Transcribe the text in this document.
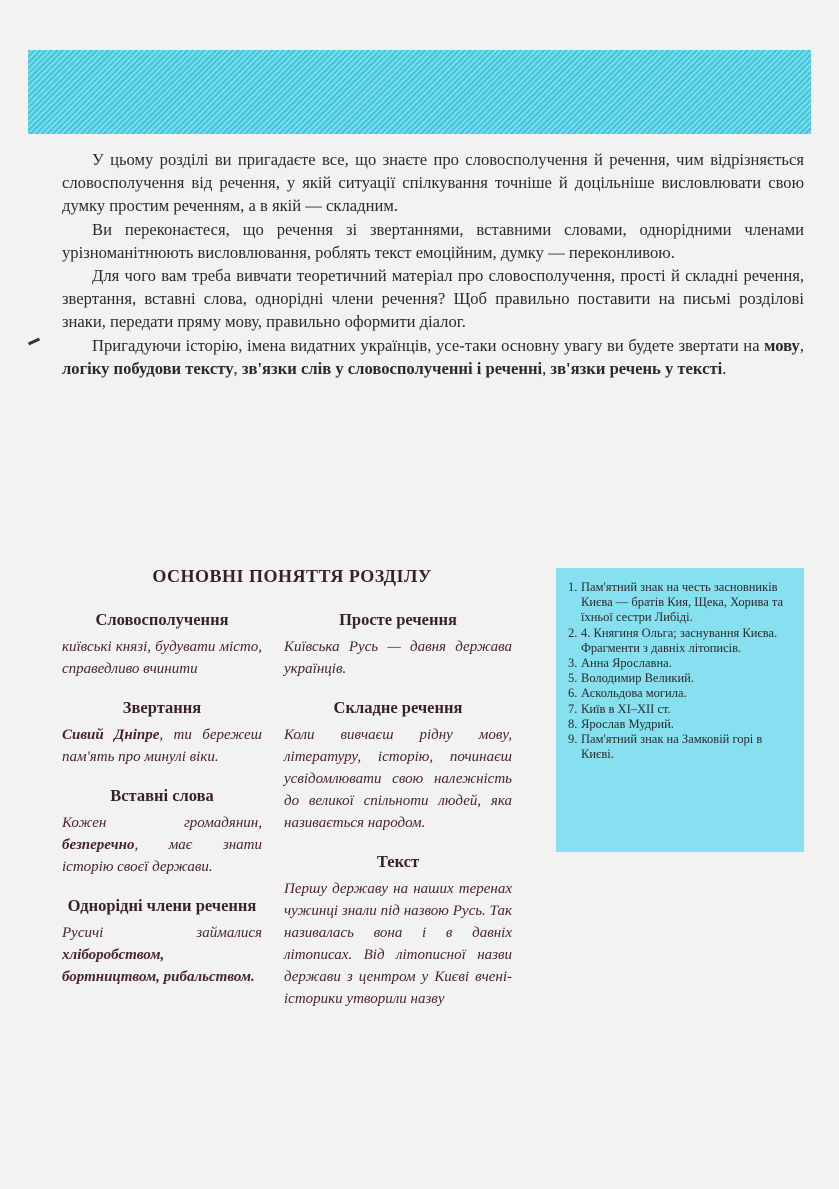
У цьому розділі ви пригадаєте все, що знаєте про словосполучення й речення, чим відрізняється словосполучення від речення, у якій ситуації спілкування точніше й доцільніше висловлювати свою думку простим реченням, а в якій — складним.

Ви переконаєтеся, що речення зі звертаннями, вставними словами, однорідними членами урізноманітнюють висловлювання, роблять текст емоційним, думку — переконливою.

Для чого вам треба вивчати теоретичний матеріал про словосполучення, прості й складні речення, звертання, вставні слова, однорідні члени речення? Щоб правильно поставити на письмі розділові знаки, передати пряму мову, правильно оформити діалог.

Пригадуючи історію, імена видатних українців, усе-таки основну увагу ви будете звертати на мову, логіку побудови тексту, зв'язки слів у словосполученні і реченні, зв'язки речень у тексті.

ОСНОВНІ ПОНЯТТЯ РОЗДІЛУ
Словосполучення
київські князі, будувати місто, справедливо вчинити
Звертання
Сивий Дніпре, ти бережеш пам'ять про минулі віки.
Вставні слова
Кожен громадянин, безперечно, має знати історію своєї держави.
Однорідні члени речення
Русичі займалися хліборобством, бортництвом, рибальством.
Просте речення
Київська Русь — давня держава українців.
Складне речення
Коли вивчаєш рідну мову, літературу, історію, починаєш усвідомлювати свою належність до великої спільноти людей, яка називається народом.
Текст
Першу державу на наших теренах чужинці знали під назвою Русь. Так називалась вона і в давніх літописах. Від літописної назви держави з центром у Києві вчені-історики утворили назву
1. Пам'ятний знак на честь засновників Києва — братів Кия, Щека, Хорива та їхньої сестри Либіді.
2. 4. Княгиня Ольга; заснування Києва. Фрагменти з давніх літописів.
3. Анна Ярославна.
5. Володимир Великий.
6. Аскольдова могила.
7. Київ в XI–XII ст.
8. Ярослав Мудрий.
9. Пам'ятний знак на Замковій горі в Києві.
